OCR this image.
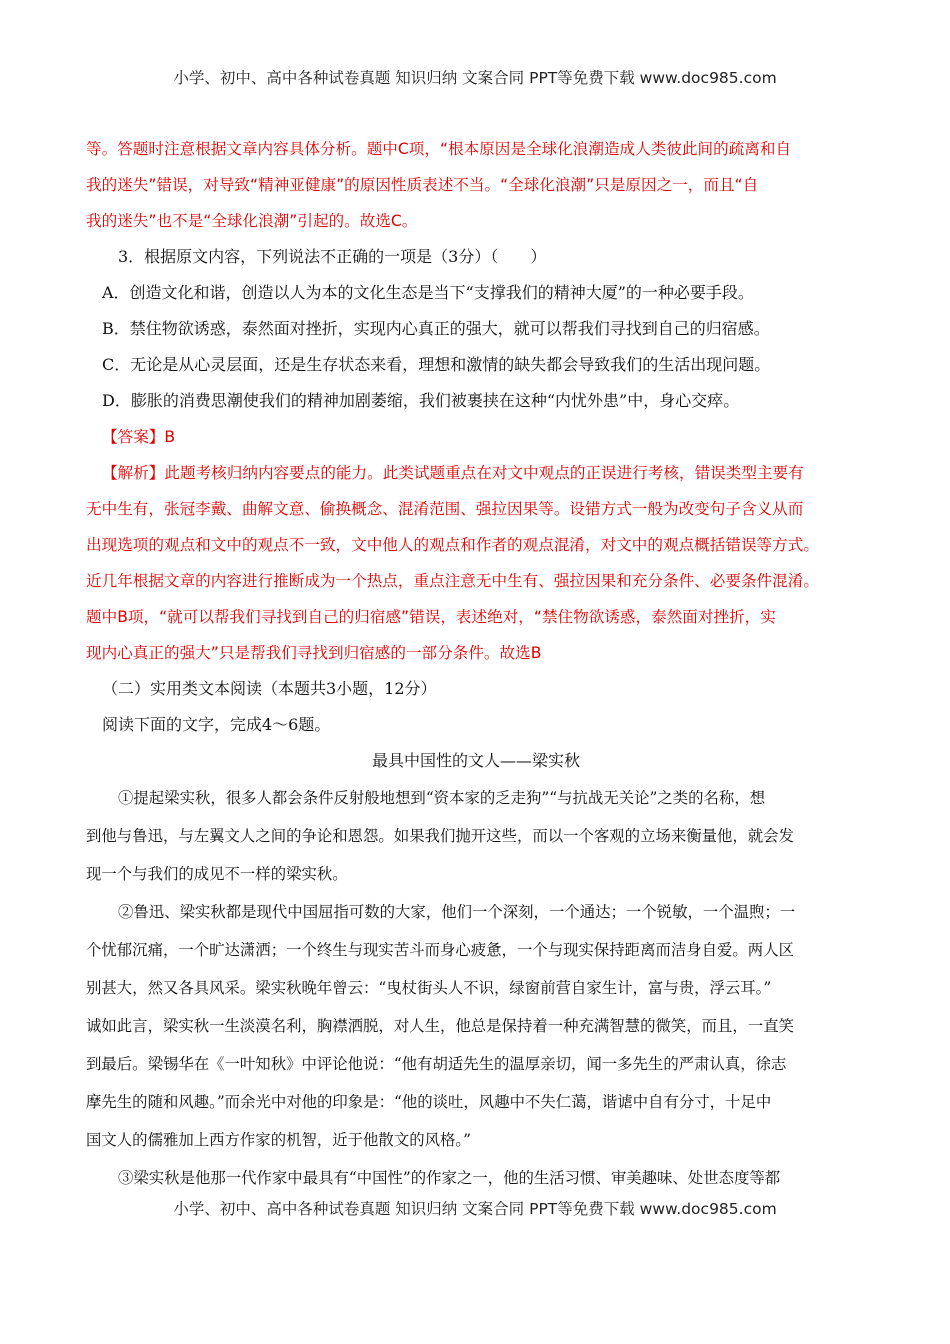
小学、初中、高中各种试卷真题 知识归纳 文案合同 PPT等免费下载 www.doc985.com
等。答题时注意根据文章内容具体分析。题中C项，“根本原因是全球化浪潮造成人类彼此间的疏离和自
我的迷失”错误，对导致“精神亚健康”的原因性质表述不当。“全球化浪潮”只是原因之一，而且“自
我的迷失”也不是“全球化浪潮”引起的。故选C。
3．根据原文内容，下列说法不正确的一项是（3分）（　　）
A．创造文化和谐，创造以人为本的文化生态是当下“支撑我们的精神大厦”的一种必要手段。
B．禁住物欲诱惑，泰然面对挫折，实现内心真正的强大，就可以帮我们寻找到自己的归宿感。
C．无论是从心灵层面，还是生存状态来看，理想和激情的缺失都会导致我们的生活出现问题。
D．膨胀的消费思潮使我们的精神加剧萎缩，我们被裹挟在这种“内忧外患”中，身心交瘁。
【答案】B
【解析】此题考核归纳内容要点的能力。此类试题重点在对文中观点的正误进行考核，错误类型主要有
无中生有，张冠李戴、曲解文意、偷换概念、混淆范围、强拉因果等。设错方式一般为改变句子含义从而
出现选项的观点和文中的观点不一致，文中他人的观点和作者的观点混淆，对文中的观点概括错误等方式。
近几年根据文章的内容进行推断成为一个热点，重点注意无中生有、强拉因果和充分条件、必要条件混淆。
题中B项，“就可以帮我们寻找到自己的归宿感”错误，表述绝对，“禁住物欲诱惑，泰然面对挫折，实
现内心真正的强大”只是帮我们寻找到归宿感的一部分条件。故选B
（二）实用类文本阅读（本题共3小题，12分）
阅读下面的文字，完成4～6题。
最具中国性的文人——梁实秋
①提起梁实秋，很多人都会条件反射般地想到“资本家的乏走狗”“与抗战无关论”之类的名称，想
到他与鲁迅，与左翼文人之间的争论和恩怨。如果我们抛开这些，而以一个客观的立场来衡量他，就会发
现一个与我们的成见不一样的梁实秋。
②鲁迅、梁实秋都是现代中国屈指可数的大家，他们一个深刻，一个通达；一个锐敏，一个温煦；一
个忧郁沉痛，一个旷达潇洒；一个终生与现实苦斗而身心疲惫，一个与现实保持距离而洁身自爱。两人区
别甚大，然又各具风采。梁实秋晚年曾云：“曳杖街头人不识，绿窗前营自家生计，富与贵，浮云耳。”
诚如此言，梁实秋一生淡漠名利，胸襟洒脱，对人生，他总是保持着一种充满智慧的微笑，而且，一直笑
到最后。梁锡华在《一叶知秋》中评论他说：“他有胡适先生的温厚亲切，闻一多先生的严肃认真，徐志
摩先生的随和风趣。”而余光中对他的印象是：“他的谈吐，风趣中不失仁蔼，谐谑中自有分寸，十足中
国文人的儒雅加上西方作家的机智，近于他散文的风格。”
③梁实秋是他那一代作家中最具有“中国性”的作家之一，他的生活习惯、审美趣味、处世态度等都
小学、初中、高中各种试卷真题 知识归纳 文案合同 PPT等免费下载 www.doc985.com
